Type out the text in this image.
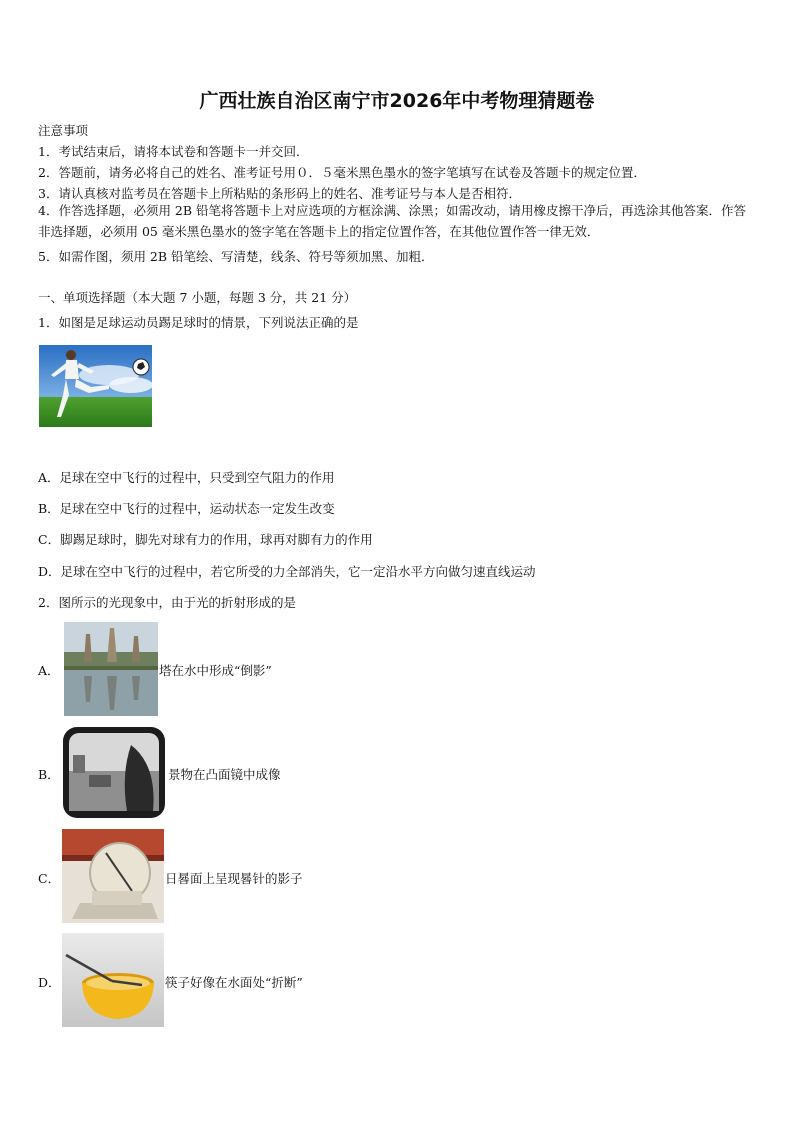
广西壮族自治区南宁市2026年中考物理猜题卷
注意事项
1．考试结束后，请将本试卷和答题卡一并交回．
2．答题前，请务必将自己的姓名、准考证号用０．５毫米黑色墨水的签字笔填写在试卷及答题卡的规定位置．
3．请认真核对监考员在答题卡上所粘贴的条形码上的姓名、准考证号与本人是否相符．
4．作答选择题，必须用 2B 铅笔将答题卡上对应选项的方框涂满、涂黑；如需改动，请用橡皮擦干净后，再选涂其他答案．作答非选择题，必须用 05 毫米黑色墨水的签字笔在答题卡上的指定位置作答，在其他位置作答一律无效．
5．如需作图，须用 2B 铅笔绘、写清楚，线条、符号等须加黑、加粗．
一、单项选择题（本大题 7 小题，每题 3 分，共 21 分）
1．如图是足球运动员踢足球时的情景，下列说法正确的是
A．足球在空中飞行的过程中，只受到空气阻力的作用
B．足球在空中飞行的过程中，运动状态一定发生改变
C．脚踢足球时，脚先对球有力的作用，球再对脚有力的作用
D．足球在空中飞行的过程中，若它所受的力全部消失，它一定沿水平方向做匀速直线运动
2．图所示的光现象中，由于光的折射形成的是
A．	塔在水中形成“倒影”
B．	景物在凸面镜中成像
C．	日晷面上呈现晷针的影子
D．	筷子好像在水面处“折断”
